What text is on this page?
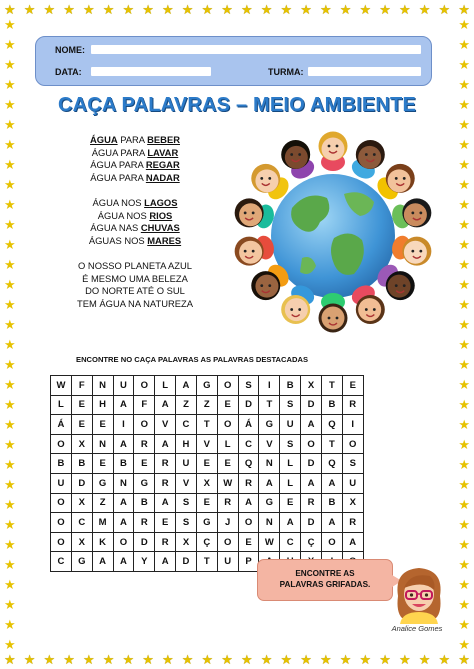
★ ★ ★ ★ ★ ★ ★ ★ ★ ★ ★ ★ ★ ★ ★ ★ ★ ★ ★ ★ ★ ★ ★ ★
★ ★ ★ ★ ★ ★ ★ ★ ★ ★ ★ ★ ★ ★ ★ ★ ★ ★ ★ ★ ★ ★ ★ ★
★
★
★
★
★
★
★
★
★
★
★
★
★
★
★
★
★
★
★
★
★
★
★
★
★
★
★
★
★
★
★
★
★
★
★
★
★
★
★
★
★
★
★
★
★
★
★
★
★
★
★
★
★
★
★
★
★
★
★
★
★
★
★
★
NOME:
DATA:	TURMA:
CAÇA PALAVRAS – MEIO AMBIENTE
ÁGUA PARA BEBER
ÁGUA PARA LAVAR
ÁGUA PARA REGAR
ÁGUA PARA NADAR

ÁGUA NOS LAGOS
ÁGUA NOS RIOS
ÁGUA NAS CHUVAS
ÁGUAS NOS MARES

O NOSSO PLANETA AZUL
É MESMO UMA BELEZA
DO NORTE ATÉ O SUL
TEM ÁGUA NA NATUREZA
ENCONTRE NO CAÇA PALAVRAS AS PALAVRAS DESTACADAS
W	F	N	U	O	L	A	G	O	S	I	B	X	T	E
L	E	H	A	F	A	Z	Z	E	D	T	S	D	B	R
Á	E	E	I	O	V	C	T	O	Á	G	U	A	Q	I
O	X	N	A	R	A	H	V	L	C	V	S	O	T	O
B	B	E	B	E	R	U	E	E	Q	N	L	D	Q	S
U	D	G	N	G	R	V	X	W	R	A	L	A	A	U
O	X	Z	A	B	A	S	E	R	A	G	E	R	B	X
O	C	M	A	R	E	S	G	J	O	N	A	D	A	R
O	X	K	O	D	R	X	Ç	O	E	W	C	Ç	O	A
C	G	A	A	Y	A	D	T	U	P					
ENCONTRE AS
PALAVRAS GRIFADAS.
Analice Gomes
